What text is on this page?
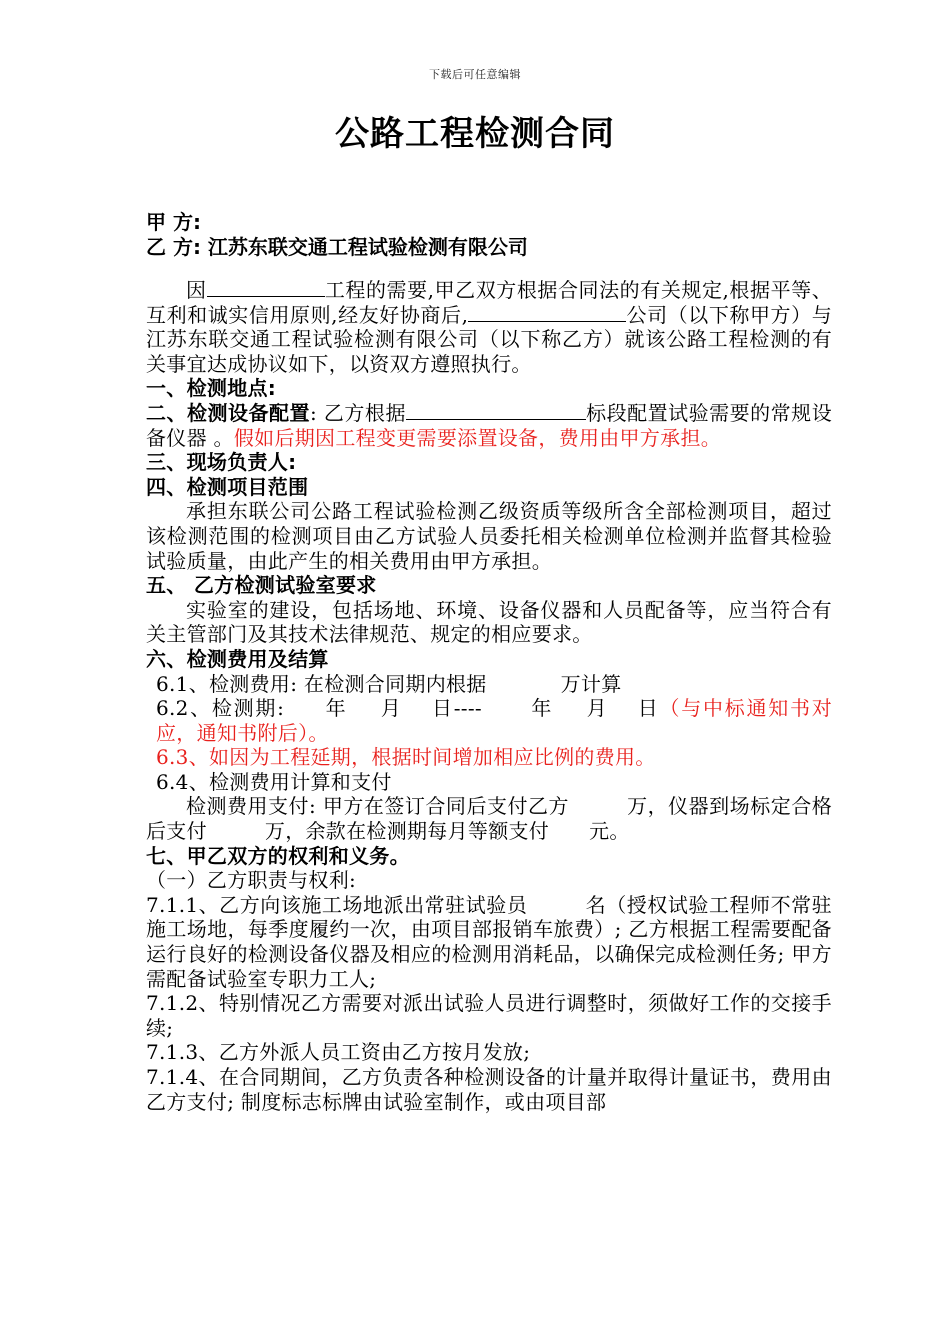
下载后可任意编辑
公路工程检测合同
甲 方:
乙 方: 江苏东联交通工程试验检测有限公司

因	工程的需要,甲乙双方根据合同法的有关规定,根据平等、互利和诚实信用原则,经友好协商后,	公司（以下称甲方）与江苏东联交通工程试验检测有限公司（以下称乙方）就该公路工程检测的有关事宜达成协议如下，以资双方遵照执行。

一、检测地点:

二、检测设备配置: 乙方根据	标段配置试验需要的常规设备仪器 。假如后期因工程变更需要添置设备，费用由甲方承担。

三、现场负责人:

四、检测项目范围

承担东联公司公路工程试验检测乙级资质等级所含全部检测项目，超过该检测范围的检测项目由乙方试验人员委托相关检测单位检测并监督其检验试验质量，由此产生的相关费用由甲方承担。

五、 乙方检测试验室要求

实验室的建设，包括场地、环境、设备仪器和人员配备等，应当符合有关主管部门及其技术法律规范、规定的相应要求。

六、检测费用及结算

6.1、检测费用: 在检测合同期内根据	万计算

6.2、检测期: 年 月 日---- 年 月 日（与中标通知书对应，通知书附后）。

6.3、如因为工程延期，根据时间增加相应比例的费用。

6.4、检测费用计算和支付

检测费用支付: 甲方在签订合同后支付乙方	万，仪器到场标定合格后支付	万，余款在检测期每月等额支付 元。

七、甲乙双方的权利和义务。

（一）乙方职责与权利:

7.1.1、乙方向该施工场地派出常驻试验员	名（授权试验工程师不常驻施工场地，每季度履约一次，由项目部报销车旅费）; 乙方根据工程需要配备运行良好的检测设备仪器及相应的检测用消耗品，以确保完成检测任务; 甲方需配备试验室专职力工人;

7.1.2、特别情况乙方需要对派出试验人员进行调整时，须做好工作的交接手续;

7.1.3、乙方外派人员工资由乙方按月发放;

7.1.4、在合同期间，乙方负责各种检测设备的计量并取得计量证书，费用由乙方支付; 制度标志标牌由试验室制作，或由项目部
